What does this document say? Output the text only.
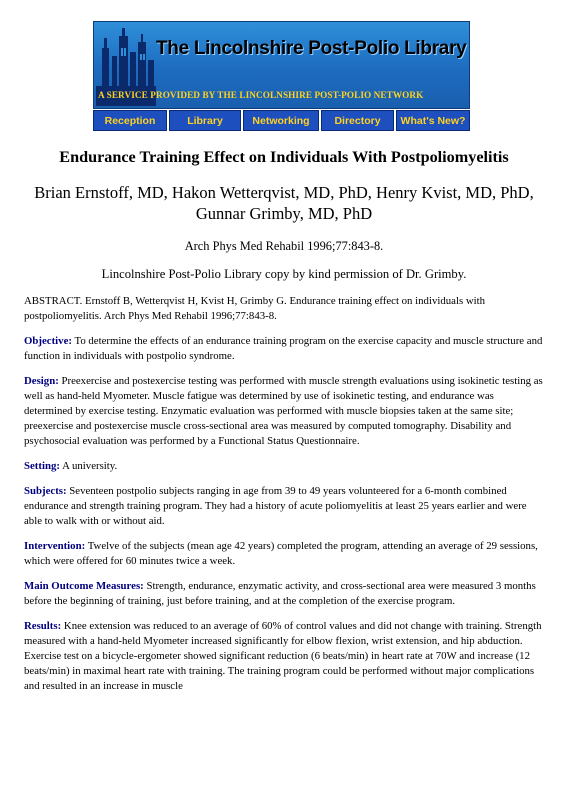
The Lincolnshire Post-Polio Library
A SERVICE PROVIDED BY THE LINCOLNSHIRE POST-POLIO NETWORK
Reception	Library	Networking	Directory	What's New?
Endurance Training Effect on Individuals With Postpoliomyelitis
Brian Ernstoff, MD, Hakon Wetterqvist, MD, PhD, Henry Kvist, MD, PhD, Gunnar Grimby, MD, PhD
Arch Phys Med Rehabil 1996;77:843-8.
Lincolnshire Post-Polio Library copy by kind permission of Dr. Grimby.

ABSTRACT. Ernstoff B, Wetterqvist H, Kvist H, Grimby G. Endurance training effect on individuals with postpoliomyelitis. Arch Phys Med Rehabil 1996;77:843-8.

Objective: To determine the effects of an endurance training program on the exercise capacity and muscle structure and function in individuals with postpolio syndrome.

Design: Preexercise and postexercise testing was performed with muscle strength evaluations using isokinetic testing as well as hand-held Myometer. Muscle fatigue was determined by use of isokinetic testing, and endurance was determined by exercise testing. Enzymatic evaluation was performed with muscle biopsies taken at the same site; preexercise and postexercise muscle cross-sectional area was measured by computed tomography. Disability and psychosocial evaluation was performed by a Functional Status Questionnaire.

Setting: A university.

Subjects: Seventeen postpolio subjects ranging in age from 39 to 49 years volunteered for a 6-month combined endurance and strength training program. They had a history of acute poliomyelitis at least 25 years earlier and were able to walk with or without aid.

Intervention: Twelve of the subjects (mean age 42 years) completed the program, attending an average of 29 sessions, which were offered for 60 minutes twice a week.

Main Outcome Measures: Strength, endurance, enzymatic activity, and cross-sectional area were measured 3 months before the beginning of training, just before training, and at the completion of the exercise program.

Results: Knee extension was reduced to an average of 60% of control values and did not change with training. Strength measured with a hand-held Myometer increased significantly for elbow flexion, wrist extension, and hip abduction. Exercise test on a bicycle-ergometer showed significant reduction (6 beats/min) in heart rate at 70W and increase (12 beats/min) in maximal heart rate with training. The training program could be performed without major complications and resulted in an increase in muscle
